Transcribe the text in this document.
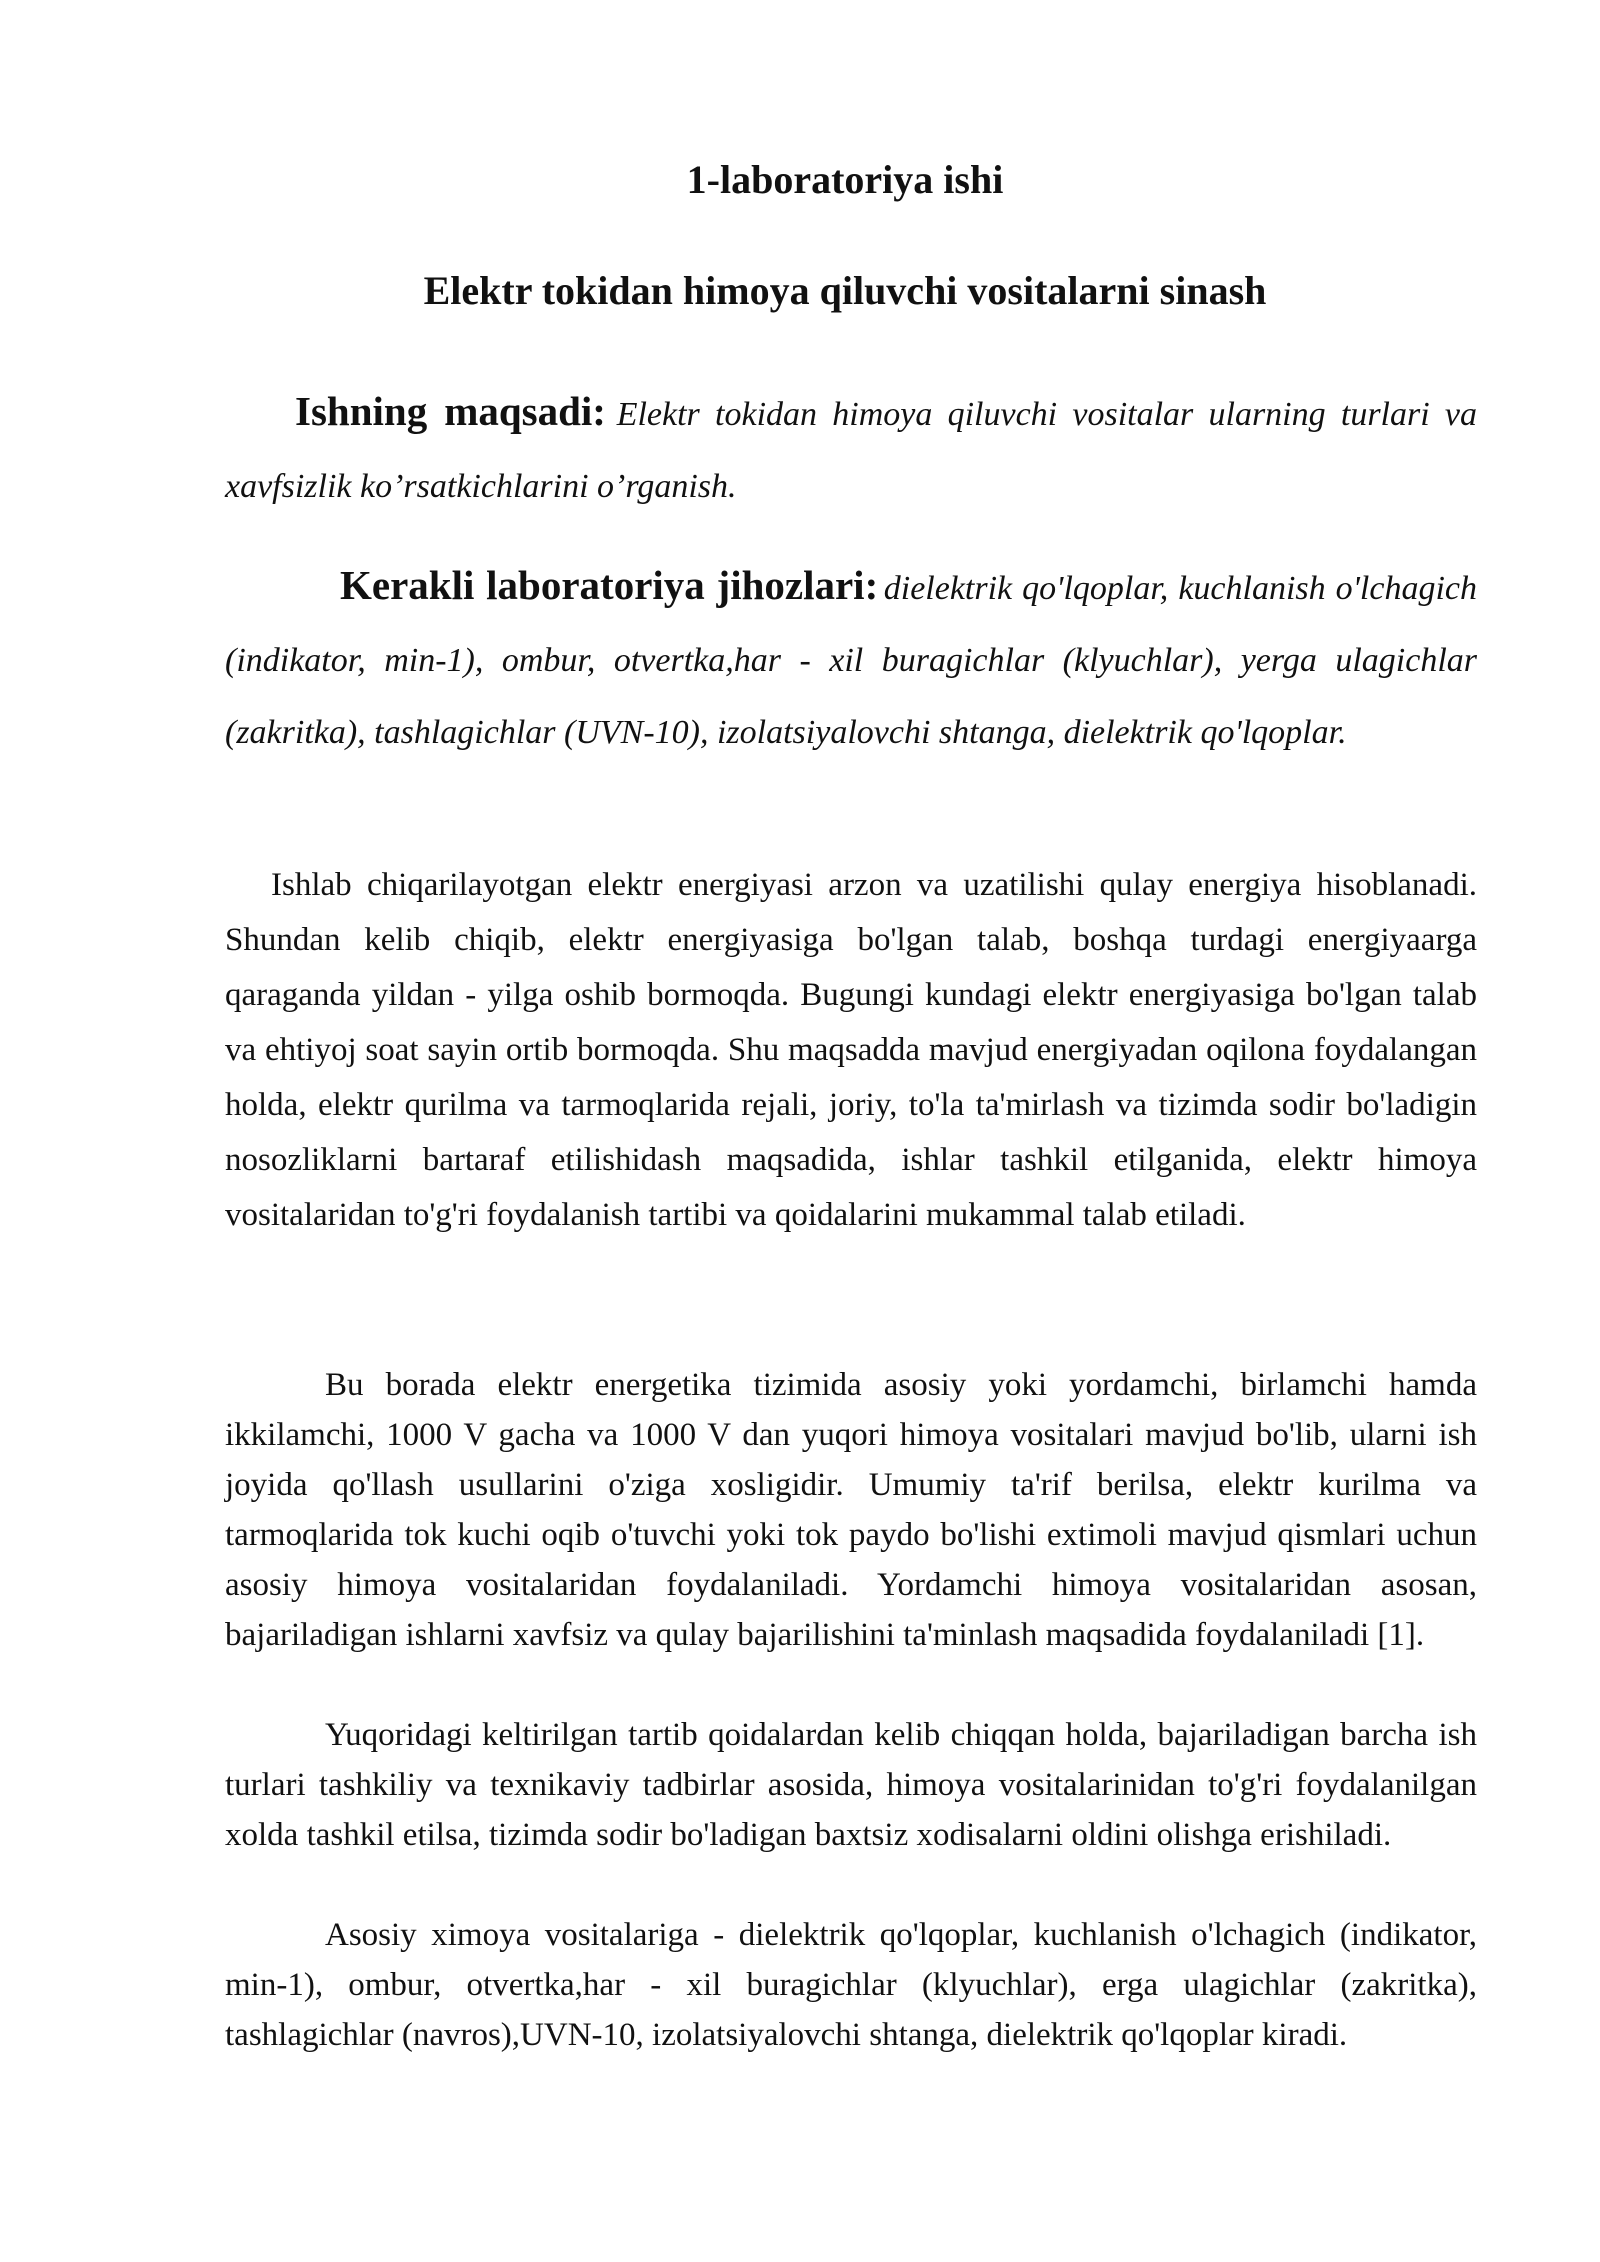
1-laboratoriya ishi
Elektr tokidan himoya qiluvchi vositalarni sinash

Ishning maqsadi: Elektr tokidan himoya qiluvchi vositalar ularning turlari va xavfsizlik ko’rsatkichlarini o’rganish.

Kerakli laboratoriya jihozlari: dielektrik qo'lqoplar, kuchlanish o'lchagich (indikator, min-1), ombur, otvertka,har - xil buragichlar (klyuchlar), yerga ulagichlar (zakritka), tashlagichlar (UVN-10), izolatsiyalovchi shtanga, dielektrik qo'lqoplar.

Ishlab chiqarilayotgan elektr energiyasi arzon va uzatilishi qulay energiya hisoblanadi. Shundan kelib chiqib, elektr energiyasiga bo'lgan talab, boshqa turdagi energiyaarga qaraganda yildan - yilga oshib bormoqda. Bugungi kundagi elektr energiyasiga bo'lgan talab va ehtiyoj soat sayin ortib bormoqda. Shu maqsadda mavjud energiyadan oqilona foydalangan holda, elektr qurilma va tarmoqlarida rejali, joriy, to'la ta'mirlash va tizimda sodir bo'ladigin nosozliklarni bartaraf etilishidash maqsadida, ishlar tashkil etilganida, elektr himoya vositalaridan to'g'ri foydalanish tartibi va qoidalarini mukammal talab etiladi.

Bu borada elektr energetika tizimida asosiy yoki yordamchi, birlamchi hamda ikkilamchi, 1000 V gacha va 1000 V dan yuqori himoya vositalari mavjud bo'lib, ularni ish joyida qo'llash usullarini o'ziga xosligidir. Umumiy ta'rif berilsa, elektr kurilma va tarmoqlarida tok kuchi oqib o'tuvchi yoki tok paydo bo'lishi extimoli mavjud qismlari uchun asosiy himoya vositalaridan foydalaniladi. Yordamchi himoya vositalaridan asosan, bajariladigan ishlarni xavfsiz va qulay bajarilishini ta'minlash maqsadida foydalaniladi [1].

Yuqoridagi keltirilgan tartib qoidalardan kelib chiqqan holda, bajariladigan barcha ish turlari tashkiliy va texnikaviy tadbirlar asosida, himoya vositalarinidan to'g'ri foydalanilgan xolda tashkil etilsa, tizimda sodir bo'ladigan baxtsiz xodisalarni oldini olishga erishiladi.

Asosiy ximoya vositalariga - dielektrik qo'lqoplar, kuchlanish o'lchagich (indikator, min-1), ombur, otvertka,har - xil buragichlar (klyuchlar), erga ulagichlar (zakritka), tashlagichlar (navros),UVN-10, izolatsiyalovchi shtanga, dielektrik qo'lqoplar kiradi.
